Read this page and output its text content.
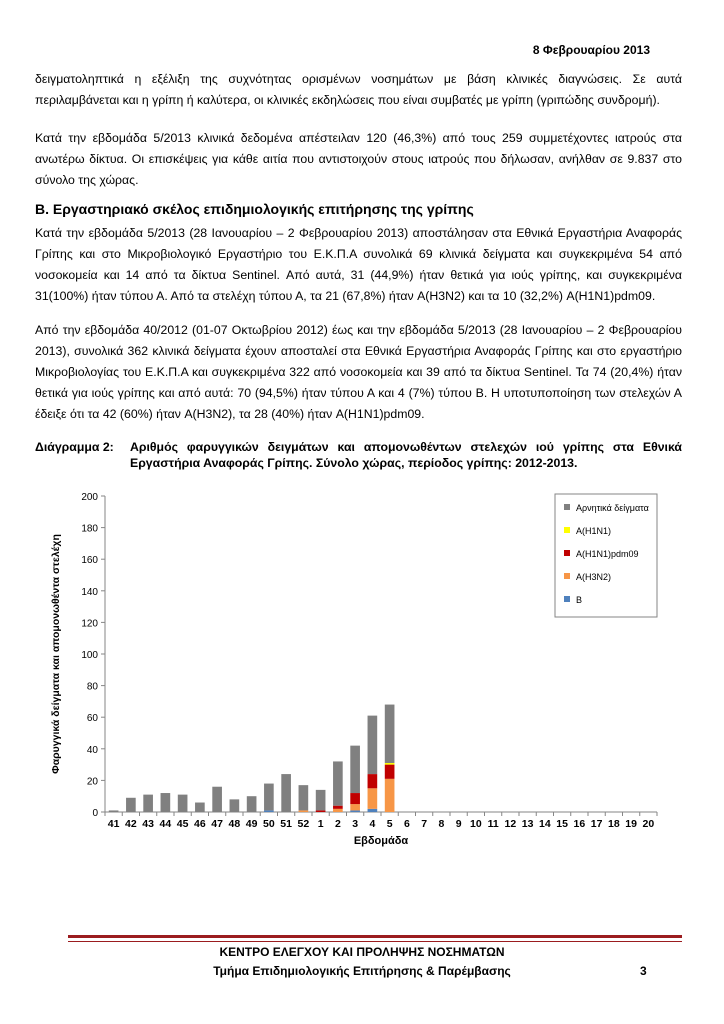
8 Φεβρουαρίου 2013

δειγματοληπτικά η εξέλιξη της συχνότητας ορισμένων νοσημάτων με βάση κλινικές διαγνώσεις. Σε αυτά περιλαμβάνεται και η γρίπη ή καλύτερα, οι κλινικές εκδηλώσεις που είναι συμβατές με γρίπη (γριπώδης συνδρομή).

Κατά την εβδομάδα 5/2013 κλινικά δεδομένα απέστειλαν 120 (46,3%) από τους 259 συμμετέχοντες ιατρούς στα ανωτέρω δίκτυα. Οι επισκέψεις για κάθε αιτία που αντιστοιχούν στους ιατρούς που δήλωσαν, ανήλθαν σε 9.837 στο σύνολο της χώρας.

Β. Εργαστηριακό σκέλος επιδημιολογικής επιτήρησης της γρίπης

Κατά την εβδομάδα 5/2013 (28 Ιανουαρίου – 2 Φεβρουαρίου 2013) αποστάλησαν στα Εθνικά Εργαστήρια Αναφοράς Γρίπης και στο Μικροβιολογικό Εργαστήριο του Ε.Κ.Π.Α συνολικά 69 κλινικά δείγματα και συγκεκριμένα 54 από νοσοκομεία και 14 από τα δίκτυα Sentinel. Από αυτά, 31 (44,9%) ήταν θετικά για ιούς γρίπης, και συγκεκριμένα 31(100%) ήταν τύπου Α. Από τα στελέχη τύπου Α, τα 21 (67,8%) ήταν A(H3N2) και τα 10 (32,2%) A(H1N1)pdm09.

Από την εβδομάδα 40/2012 (01-07 Οκτωβρίου 2012) έως και την εβδομάδα 5/2013 (28 Ιανουαρίου – 2 Φεβρουαρίου 2013), συνολικά 362 κλινικά δείγματα έχουν αποσταλεί στα Εθνικά Εργαστήρια Αναφοράς Γρίπης και στο εργαστήριο Μικροβιολογίας του Ε.Κ.Π.Α και συγκεκριμένα 322 από νοσοκομεία και 39 από τα δίκτυα Sentinel. Τα 74 (20,4%) ήταν θετικά για ιούς γρίπης και από αυτά: 70 (94,5%) ήταν τύπου Α και 4 (7%) τύπου Β. Η υποτυποποίηση των στελεχών Α έδειξε ότι τα 42 (60%) ήταν A(H3N2), τα 28 (40%) ήταν A(H1N1)pdm09.

Διάγραμμα 2:	Αριθμός φαρυγγικών δειγμάτων και απομονωθέντων στελεχών ιού γρίπης στα Εθνικά Εργαστήρια Αναφοράς Γρίπης. Σύνολο χώρας, περίοδος γρίπης: 2012-2013.
0
20
40
60
80
100
120
140
160
180
200
41 42 43 44 45 46 47 48 49 50 51 52 1 2 3 4 5 6 7 8 9 10 11 12 13 14 15 16 17 18 19 20
Εβδομάδα
Φαρυγγικά δείγματα και απομονωθέντα στελέχη
Αρνητικά δείγματα
A(H1N1)
A(H1N1)pdm09
A(H3N2)
B
ΚΕΝΤΡΟ ΕΛΕΓΧΟΥ ΚΑΙ ΠΡΟΛΗΨΗΣ ΝΟΣΗΜΑΤΩΝ
Τμήμα Επιδημιολογικής Επιτήρησης & Παρέμβασης	3
